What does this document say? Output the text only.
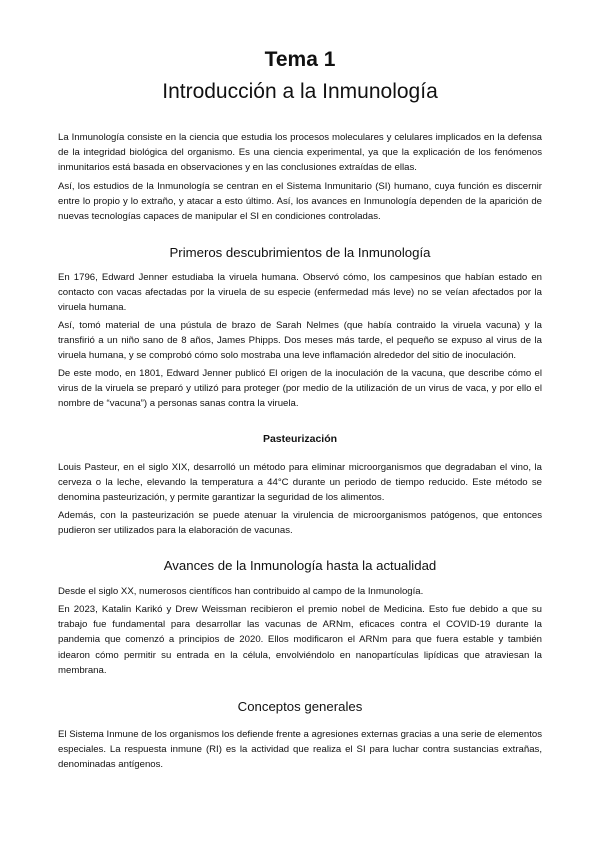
Tema 1
Introducción a la Inmunología

La Inmunología consiste en la ciencia que estudia los procesos moleculares y celulares implicados en la defensa de la integridad biológica del organismo. Es una ciencia experimental, ya que la explicación de los fenómenos inmunitarios está basada en observaciones y en las conclusiones extraídas de ellas.

Así, los estudios de la Inmunología se centran en el Sistema Inmunitario (SI) humano, cuya función es discernir entre lo propio y lo extraño, y atacar a esto último. Así, los avances en Inmunología dependen de la aparición de nuevas tecnologías capaces de manipular el SI en condiciones controladas.

Primeros descubrimientos de la Inmunología

En 1796, Edward Jenner estudiaba la viruela humana. Observó cómo, los campesinos que habían estado en contacto con vacas afectadas por la viruela de su especie (enfermedad más leve) no se veían afectados por la viruela humana.

Así, tomó material de una pústula de brazo de Sarah Nelmes (que había contraido la viruela vacuna) y la transfirió a un niño sano de 8 años, James Phipps. Dos meses más tarde, el pequeño se expuso al virus de la viruela humana, y se comprobó cómo solo mostraba una leve inflamación alrededor del sitio de inoculación.

De este modo, en 1801, Edward Jenner publicó El origen de la inoculación de la vacuna, que describe cómo el virus de la viruela se preparó y utilizó para proteger (por medio de la utilización de un virus de vaca, y por ello el nombre de “vacuna”) a personas sanas contra la viruela.

Pasteurización

Louis Pasteur, en el siglo XIX, desarrolló un método para eliminar microorganismos que degradaban el vino, la cerveza o la leche, elevando la temperatura a 44°C durante un periodo de tiempo reducido. Este método se denomina pasteurización, y permite garantizar la seguridad de los alimentos.

Además, con la pasteurización se puede atenuar la virulencia de microorganismos patógenos, que entonces pudieron ser utilizados para la elaboración de vacunas.

Avances de la Inmunología hasta la actualidad

Desde el siglo XX, numerosos científicos han contribuido al campo de la Inmunología.

En 2023, Katalin Karikó y Drew Weissman recibieron el premio nobel de Medicina. Esto fue debido a que su trabajo fue fundamental para desarrollar las vacunas de ARNm, eficaces contra el COVID-19 durante la pandemia que comenzó a principios de 2020. Ellos modificaron el ARNm para que fuera estable y también idearon cómo permitir su entrada en la célula, envolviéndolo en nanopartículas lipídicas que atraviesan la membrana.

Conceptos generales

El Sistema Inmune de los organismos los defiende frente a agresiones externas gracias a una serie de elementos especiales. La respuesta inmune (RI) es la actividad que realiza el SI para luchar contra sustancias extrañas, denominadas antígenos.
